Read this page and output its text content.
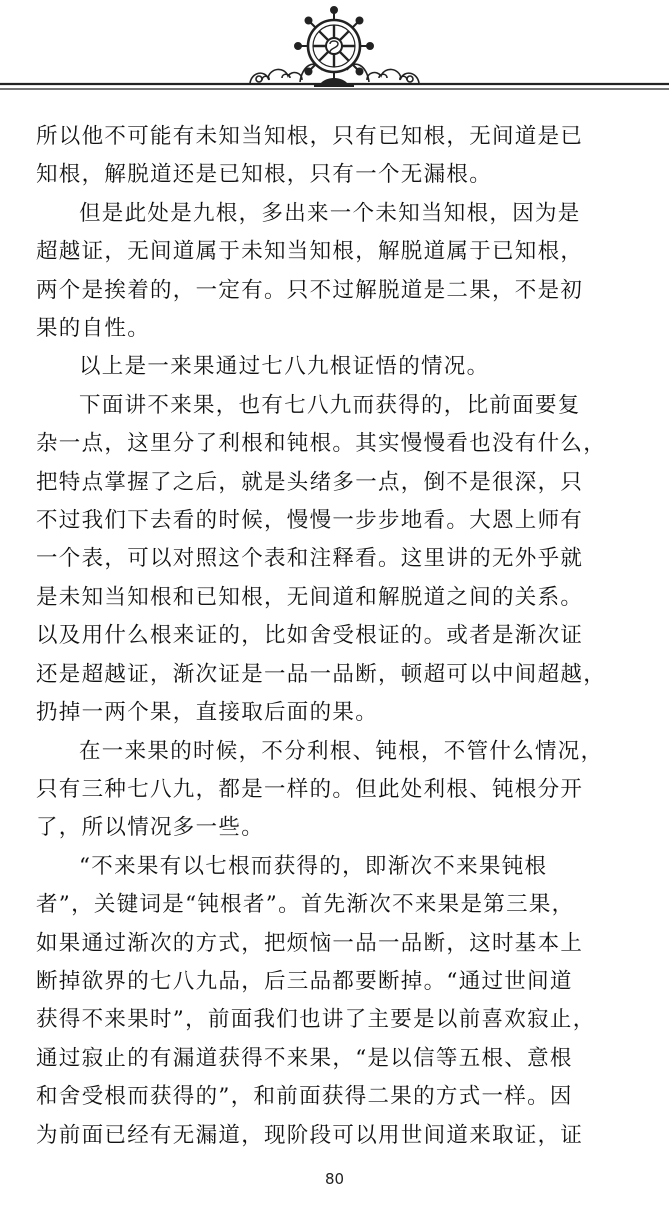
所以他不可能有未知当知根，只有已知根，无间道是已
知根，解脱道还是已知根，只有一个无漏根。

但是此处是九根，多出来一个未知当知根，因为是
超越证，无间道属于未知当知根，解脱道属于已知根，
两个是挨着的，一定有。只不过解脱道是二果，不是初
果的自性。

以上是一来果通过七八九根证悟的情况。

下面讲不来果，也有七八九而获得的，比前面要复
杂一点，这里分了利根和钝根。其实慢慢看也没有什么，
把特点掌握了之后，就是头绪多一点，倒不是很深，只
不过我们下去看的时候，慢慢一步步地看。大恩上师有
一个表，可以对照这个表和注释看。这里讲的无外乎就
是未知当知根和已知根，无间道和解脱道之间的关系。
以及用什么根来证的，比如舍受根证的。或者是渐次证
还是超越证，渐次证是一品一品断，顿超可以中间超越，
扔掉一两个果，直接取后面的果。

在一来果的时候，不分利根、钝根，不管什么情况，
只有三种七八九，都是一样的。但此处利根、钝根分开
了，所以情况多一些。

“不来果有以七根而获得的，即渐次不来果钝根
者”，关键词是“钝根者”。首先渐次不来果是第三果，
如果通过渐次的方式，把烦恼一品一品断，这时基本上
断掉欲界的七八九品，后三品都要断掉。“通过世间道
获得不来果时”，前面我们也讲了主要是以前喜欢寂止，
通过寂止的有漏道获得不来果，“是以信等五根、意根
和舍受根而获得的”，和前面获得二果的方式一样。因
为前面已经有无漏道，现阶段可以用世间道来取证，证

80
